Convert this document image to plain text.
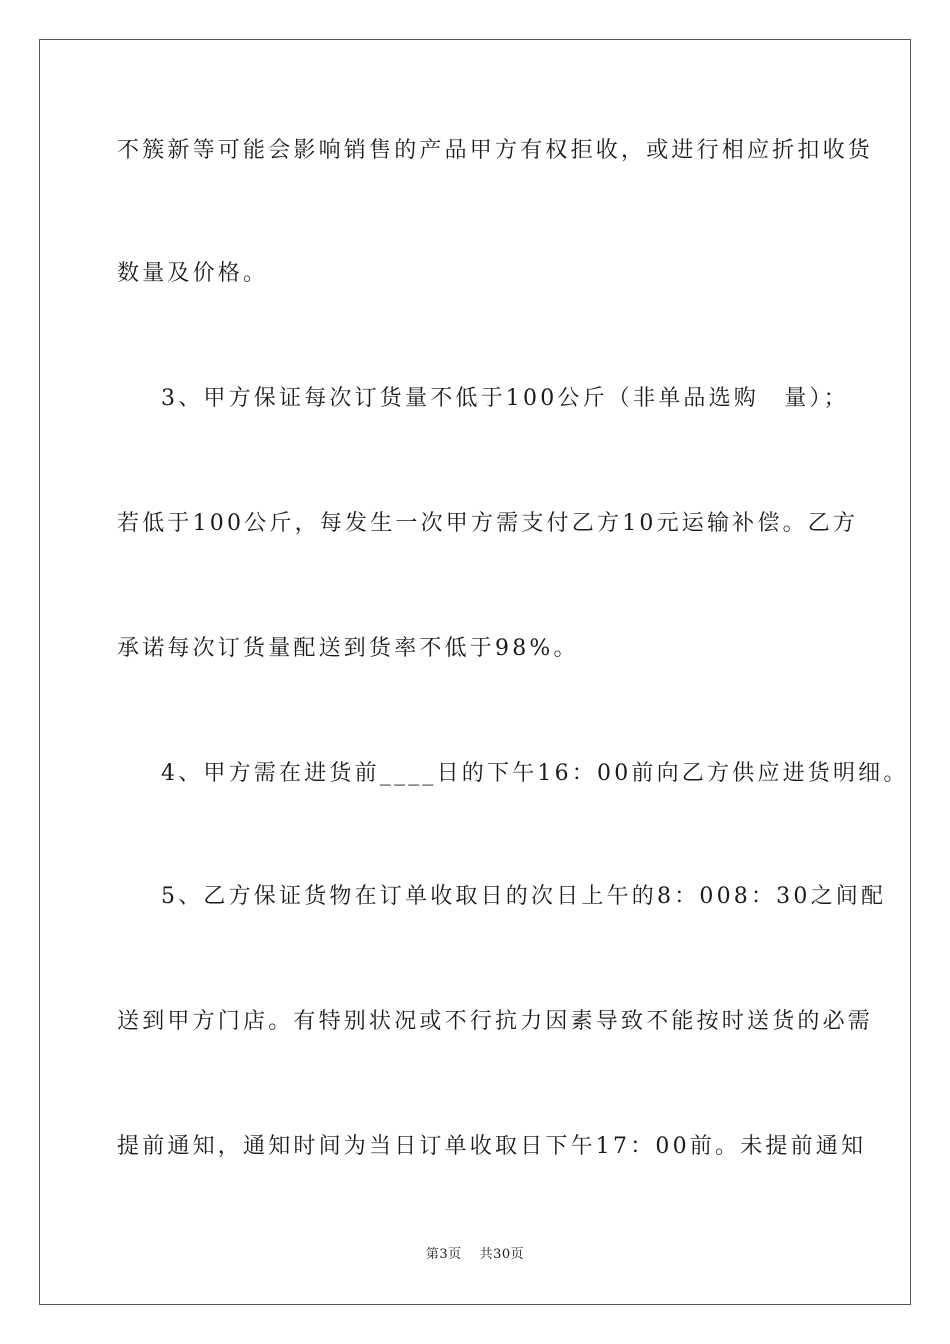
不簇新等可能会影响销售的产品甲方有权拒收，或进行相应折扣收货
数量及价格。
3、甲方保证每次订货量不低于100公斤（非单品选购　量）；
若低于100公斤，每发生一次甲方需支付乙方10元运输补偿。乙方
承诺每次订货量配送到货率不低于98%。
4、甲方需在进货前____日的下午16：00前向乙方供应进货明细。
5、乙方保证货物在订单收取日的次日上午的8：008：30之间配
送到甲方门店。有特别状况或不行抗力因素导致不能按时送货的必需
提前通知，通知时间为当日订单收取日下午17：00前。未提前通知
第3页 共30页
